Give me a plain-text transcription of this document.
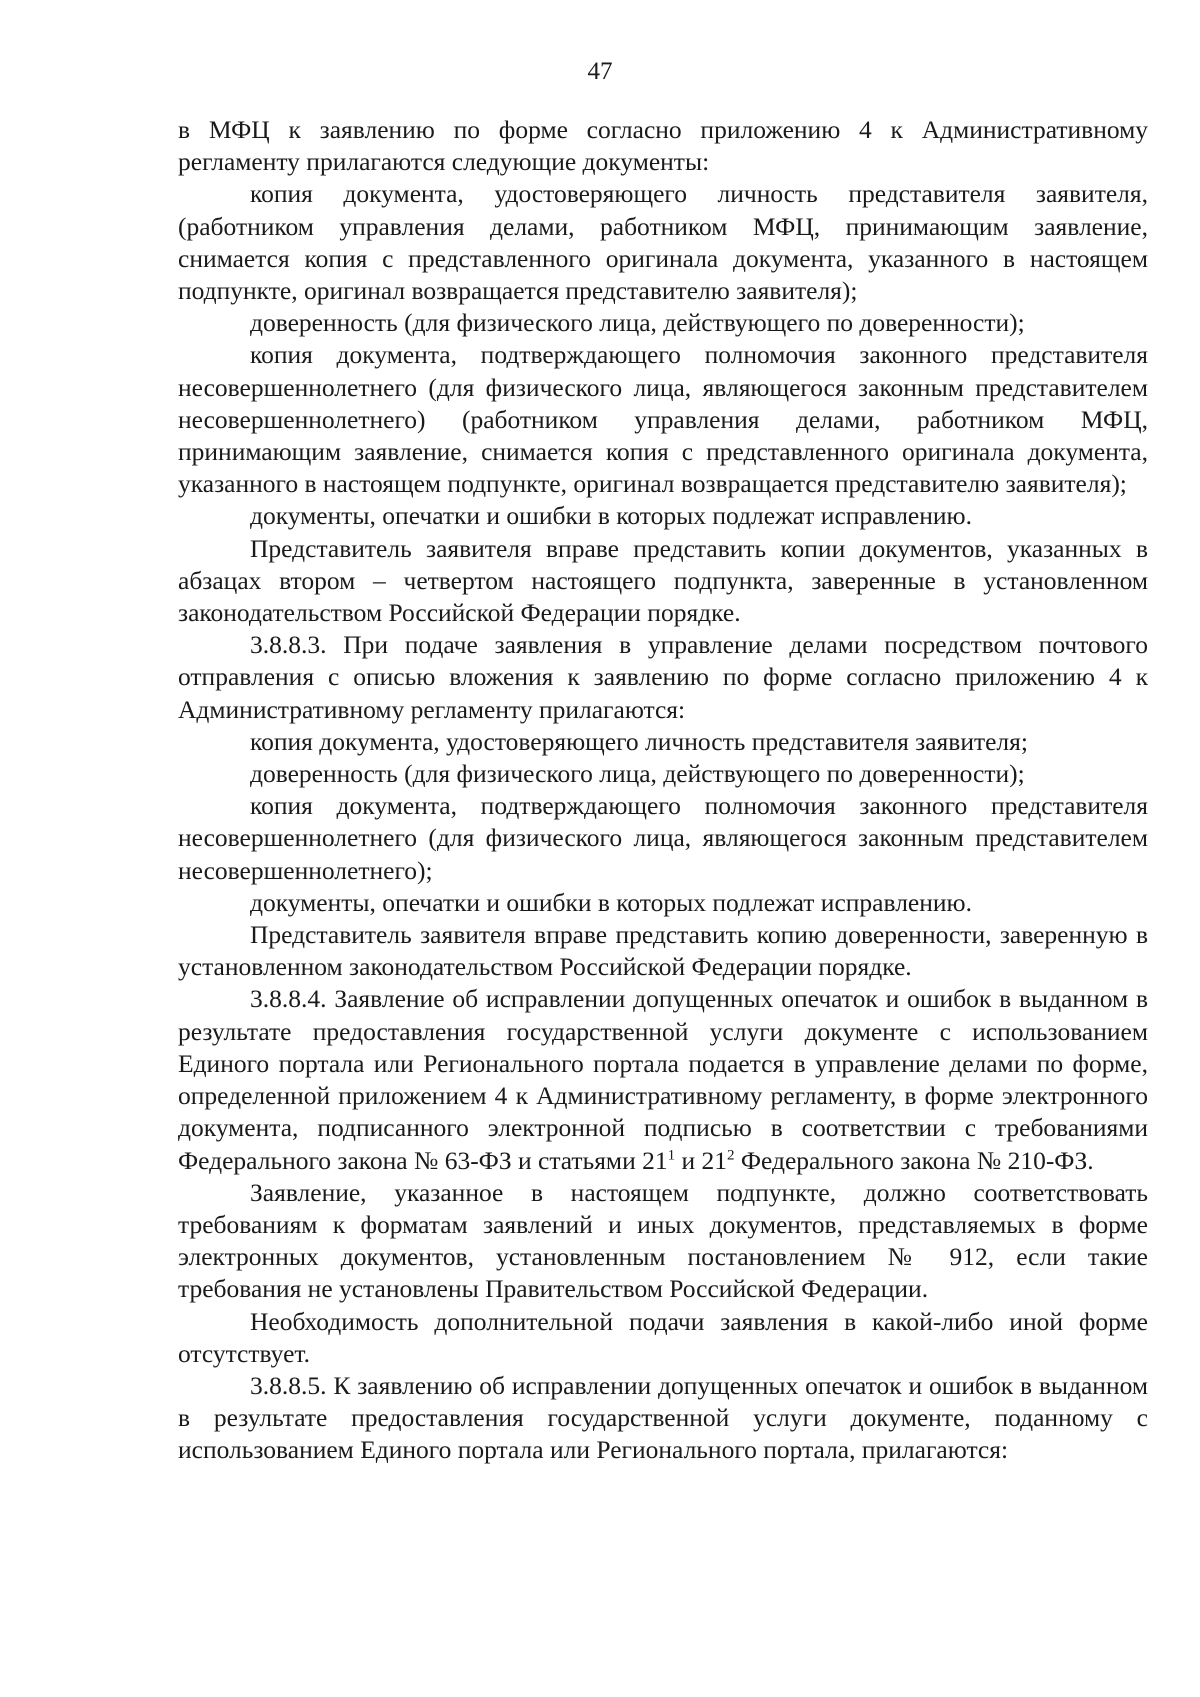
47

в МФЦ к заявлению по форме согласно приложению 4 к Административному регламенту прилагаются следующие документы:

копия документа, удостоверяющего личность представителя заявителя, (работником управления делами, работником МФЦ, принимающим заявление, снимается копия с представленного оригинала документа, указанного в настоящем подпункте, оригинал возвращается представителю заявителя);

доверенность (для физического лица, действующего по доверенности);

копия документа, подтверждающего полномочия законного представителя несовершеннолетнего (для физического лица, являющегося законным представителем несовершеннолетнего) (работником управления делами, работником МФЦ, принимающим заявление, снимается копия с представленного оригинала документа, указанного в настоящем подпункте, оригинал возвращается представителю заявителя);

документы, опечатки и ошибки в которых подлежат исправлению.

Представитель заявителя вправе представить копии документов, указанных в абзацах втором – четвертом настоящего подпункта, заверенные в установленном законодательством Российской Федерации порядке.

3.8.8.3. При подаче заявления в управление делами посредством почтового отправления с описью вложения к заявлению по форме согласно приложению 4 к Административному регламенту прилагаются:

копия документа, удостоверяющего личность представителя заявителя;

доверенность (для физического лица, действующего по доверенности);

копия документа, подтверждающего полномочия законного представителя несовершеннолетнего (для физического лица, являющегося законным представителем несовершеннолетнего);

документы, опечатки и ошибки в которых подлежат исправлению.

Представитель заявителя вправе представить копию доверенности, заверенную в установленном законодательством Российской Федерации порядке.

3.8.8.4. Заявление об исправлении допущенных опечаток и ошибок в выданном в результате предоставления государственной услуги документе с использованием Единого портала или Регионального портала подается в управление делами по форме, определенной приложением 4 к Административному регламенту, в форме электронного документа, подписанного электронной подписью в соответствии с требованиями Федерального закона № 63-ФЗ и статьями $21^1$ и $21^2$ Федерального закона № 210-ФЗ.

Заявление, указанное в настоящем подпункте, должно соответствовать требованиям к форматам заявлений и иных документов, представляемых в форме электронных документов, установленным постановлением № 912, если такие требования не установлены Правительством Российской Федерации.

Необходимость дополнительной подачи заявления в какой-либо иной форме отсутствует.

3.8.8.5. К заявлению об исправлении допущенных опечаток и ошибок в выданном в результате предоставления государственной услуги документе, поданному с использованием Единого портала или Регионального портала, прилагаются:
